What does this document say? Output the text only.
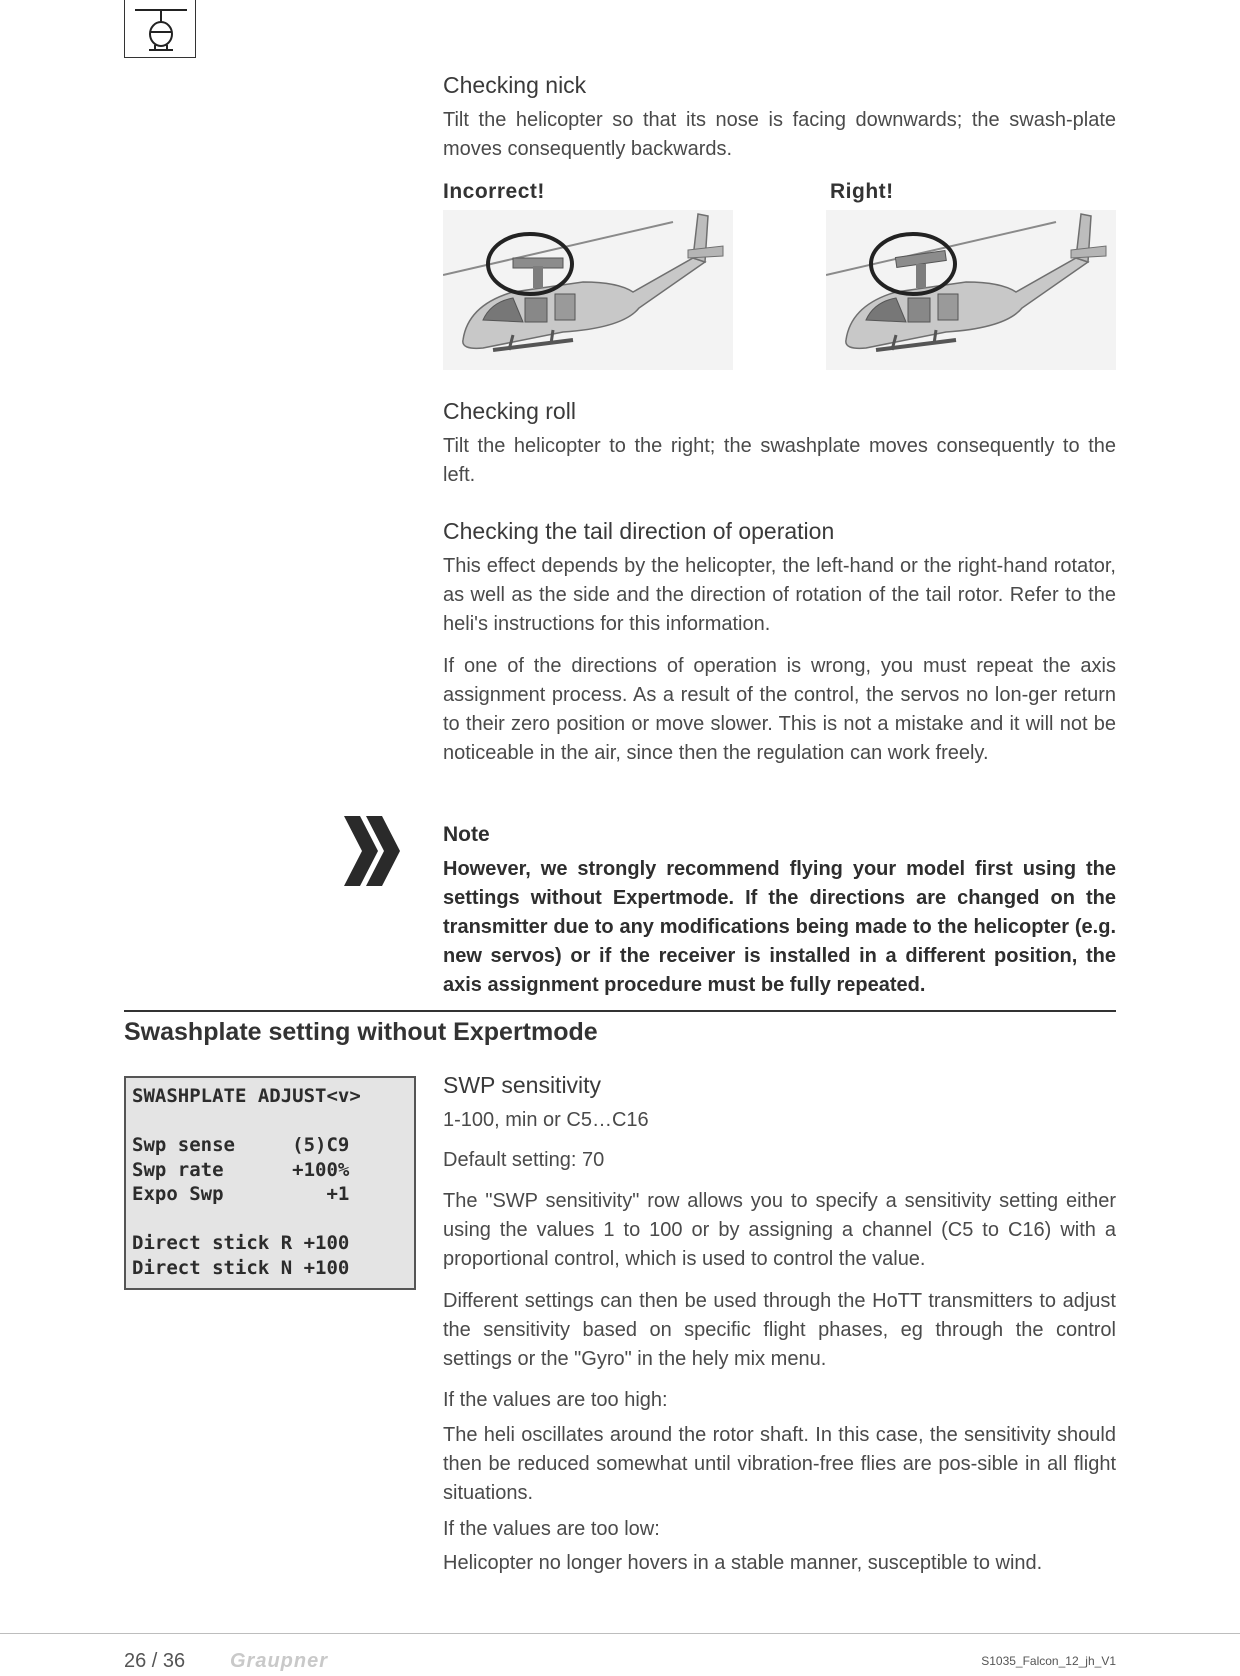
Checking nick

Tilt the helicopter so that its nose is facing downwards; the swash-plate moves consequently backwards.

Incorrect!	Right!
Checking roll

Tilt the helicopter to the right; the swashplate moves consequently to the left.

Checking the tail direction of operation

This effect depends by the helicopter, the left-hand or the right-hand rotator, as well as the side and the direction of rotation of the tail rotor. Refer to the heli's instructions for this information.

If one of the directions of operation is wrong, you must repeat the axis assignment process. As a result of the control, the servos no lon-ger return to their zero position or move slower. This is not a mistake and it will not be noticeable in the air, since then the regulation can work freely.

Note

However, we strongly recommend flying your model first using the settings without Expertmode. If the directions are changed on the transmitter due to any modifications being made to the helicopter (e.g. new servos) or if the receiver is installed in a different position, the axis assignment procedure must be fully repeated.

Swashplate setting without Expertmode
SWASHPLATE ADJUST<v>

Swp sense     (5)C9
Swp rate      +100%
Expo Swp         +1

Direct stick R +100
Direct stick N +100
SWP sensitivity

1-100, min or C5…C16

Default setting: 70

The "SWP sensitivity" row allows you to specify a sensitivity setting either using the values 1 to 100 or by assigning a channel (C5 to C16) with a proportional control, which is used to control the value.

Different settings can then be used through the HoTT transmitters to adjust the sensitivity based on specific flight phases, eg through the control settings or the "Gyro" in the hely mix menu.

If the values are too high:

The heli oscillates around the rotor shaft. In this case, the sensitivity should then be reduced somewhat until vibration-free flies are pos-sible in all flight situations.

If the values are too low:

Helicopter no longer hovers in a stable manner, susceptible to wind.

26 / 36 Graupner	S1035_Falcon_12_jh_V1
